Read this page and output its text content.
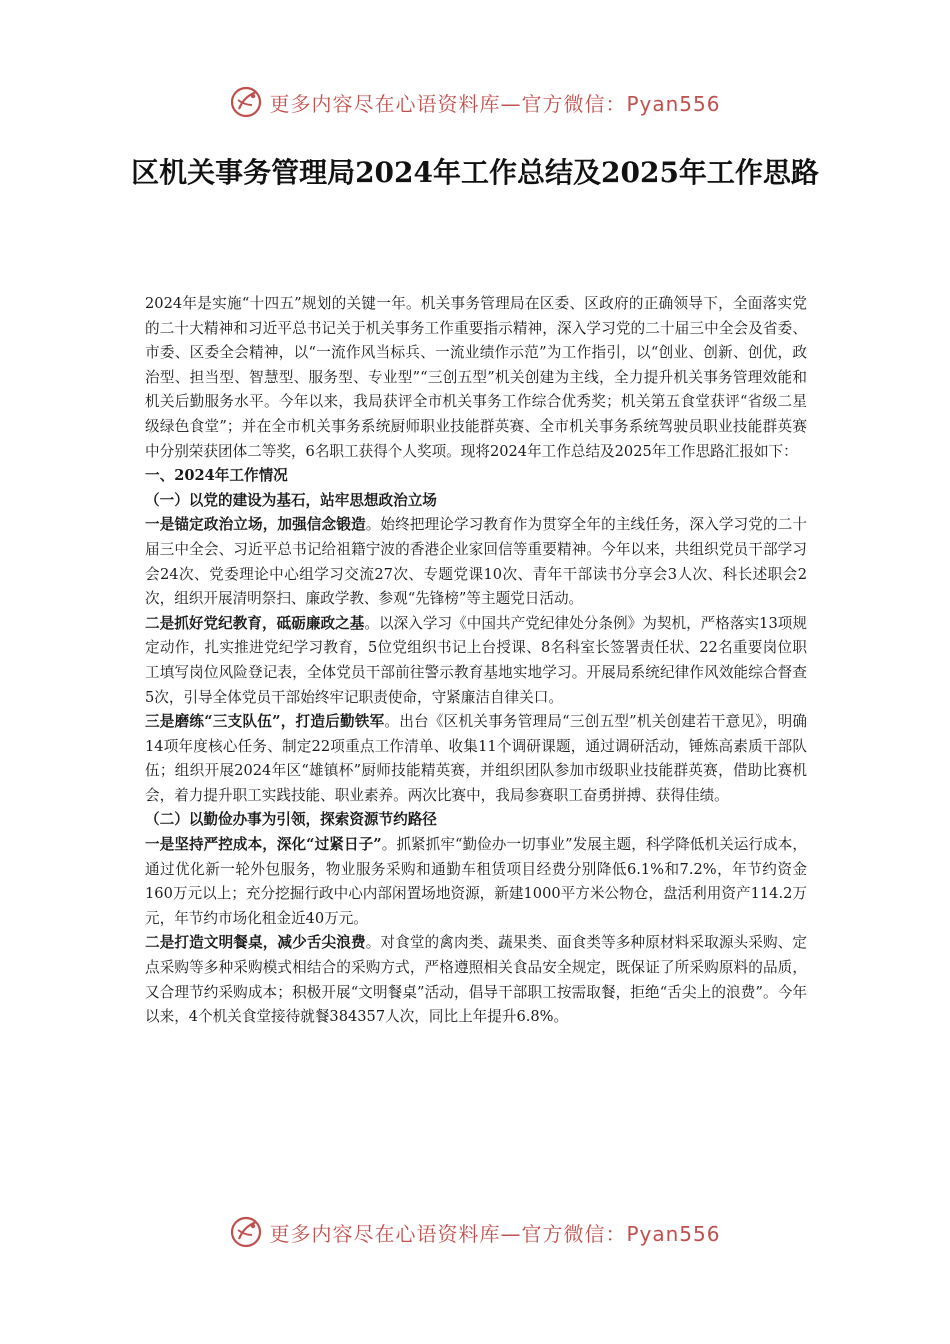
更多内容尽在心语资料库—官方微信：Pyan556
区机关事务管理局2024年工作总结及2025年工作思路

2024年是实施“十四五”规划的关键一年。机关事务管理局在区委、区政府的正确领导下，全面落实党的二十大精神和习近平总书记关于机关事务工作重要指示精神，深入学习党的二十届三中全会及省委、市委、区委全会精神，以“一流作风当标兵、一流业绩作示范”为工作指引，以“创业、创新、创优，政治型、担当型、智慧型、服务型、专业型”“三创五型”机关创建为主线，全力提升机关事务管理效能和机关后勤服务水平。今年以来，我局获评全市机关事务工作综合优秀奖；机关第五食堂获评“省级二星级绿色食堂”；并在全市机关事务系统厨师职业技能群英赛、全市机关事务系统驾驶员职业技能群英赛中分别荣获团体二等奖，6名职工获得个人奖项。现将2024年工作总结及2025年工作思路汇报如下：

一、2024年工作情况

（一）以党的建设为基石，站牢思想政治立场

一是锚定政治立场，加强信念锻造。始终把理论学习教育作为贯穿全年的主线任务，深入学习党的二十届三中全会、习近平总书记给祖籍宁波的香港企业家回信等重要精神。今年以来，共组织党员干部学习会24次、党委理论中心组学习交流27次、专题党课10次、青年干部读书分享会3人次、科长述职会2次，组织开展清明祭扫、廉政学教、参观“先锋榜”等主题党日活动。

二是抓好党纪教育，砥砺廉政之基。以深入学习《中国共产党纪律处分条例》为契机，严格落实13项规定动作，扎实推进党纪学习教育，5位党组织书记上台授课、8名科室长签署责任状、22名重要岗位职工填写岗位风险登记表，全体党员干部前往警示教育基地实地学习。开展局系统纪律作风效能综合督查5次，引导全体党员干部始终牢记职责使命，守紧廉洁自律关口。

三是磨练“三支队伍”，打造后勤铁军。出台《区机关事务管理局“三创五型”机关创建若干意见》，明确14项年度核心任务、制定22项重点工作清单、收集11个调研课题，通过调研活动，锤炼高素质干部队伍；组织开展2024年区“雄镇杯”厨师技能精英赛，并组织团队参加市级职业技能群英赛，借助比赛机会，着力提升职工实践技能、职业素养。两次比赛中，我局参赛职工奋勇拼搏、获得佳绩。

（二）以勤俭办事为引领，探索资源节约路径

一是坚持严控成本，深化“过紧日子”。抓紧抓牢“勤俭办一切事业”发展主题，科学降低机关运行成本，通过优化新一轮外包服务，物业服务采购和通勤车租赁项目经费分别降低6.1%和7.2%，年节约资金160万元以上；充分挖掘行政中心内部闲置场地资源，新建1000平方米公物仓，盘活利用资产114.2万元，年节约市场化租金近40万元。

二是打造文明餐桌，减少舌尖浪费。对食堂的禽肉类、蔬果类、面食类等多种原材料采取源头采购、定点采购等多种采购模式相结合的采购方式，严格遵照相关食品安全规定，既保证了所采购原料的品质，又合理节约采购成本；积极开展“文明餐桌”活动，倡导干部职工按需取餐，拒绝“舌尖上的浪费”。今年以来，4个机关食堂接待就餐384357人次，同比上年提升6.8%。

更多内容尽在心语资料库—官方微信：Pyan556
